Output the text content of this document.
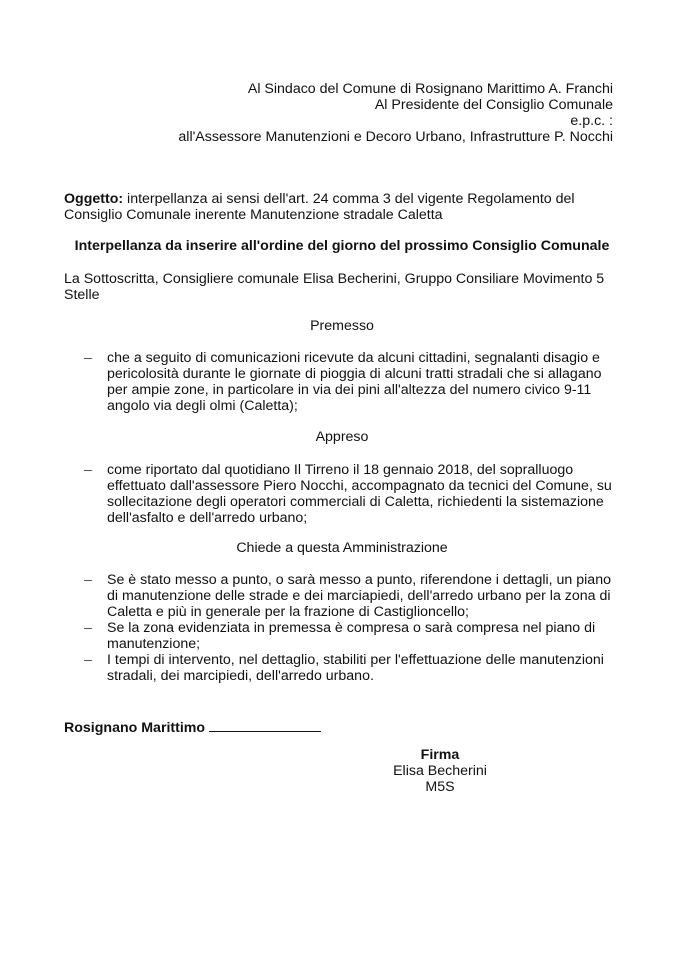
Al Sindaco del Comune di Rosignano Marittimo A. Franchi
Al Presidente del Consiglio Comunale
e.p.c. :
all'Assessore Manutenzioni e Decoro Urbano, Infrastrutture P. Nocchi
Oggetto: interpellanza ai sensi dell'art. 24 comma 3 del vigente Regolamento del Consiglio Comunale inerente Manutenzione stradale Caletta
Interpellanza da inserire all'ordine del giorno del prossimo Consiglio Comunale
La Sottoscritta, Consigliere comunale Elisa Becherini, Gruppo Consiliare Movimento 5 Stelle
Premesso
– che a seguito di comunicazioni ricevute da alcuni cittadini, segnalanti disagio e pericolosità durante le giornate di pioggia di alcuni tratti stradali che si allagano per ampie zone, in particolare in via dei pini all'altezza del numero civico 9-11 angolo via degli olmi (Caletta);
Appreso
– come riportato dal quotidiano Il Tirreno il 18 gennaio 2018, del sopralluogo effettuato dall'assessore Piero Nocchi, accompagnato da tecnici del Comune, su sollecitazione degli operatori commerciali di Caletta, richiedenti la sistemazione dell'asfalto e dell'arredo urbano;
Chiede a questa Amministrazione
– Se è stato messo a punto, o sarà messo a punto, riferendone i dettagli, un piano di manutenzione delle strade e dei marciapiedi, dell'arredo urbano per la zona di Caletta e più in generale per la frazione di Castiglioncello;
– Se la zona evidenziata in premessa è compresa o sarà compresa nel piano di manutenzione;
– I tempi di intervento, nel dettaglio, stabiliti per l'effettuazione delle manutenzioni stradali, dei marcipiedi, dell'arredo urbano.
Rosignano Marittimo
Firma
Elisa Becherini
M5S
